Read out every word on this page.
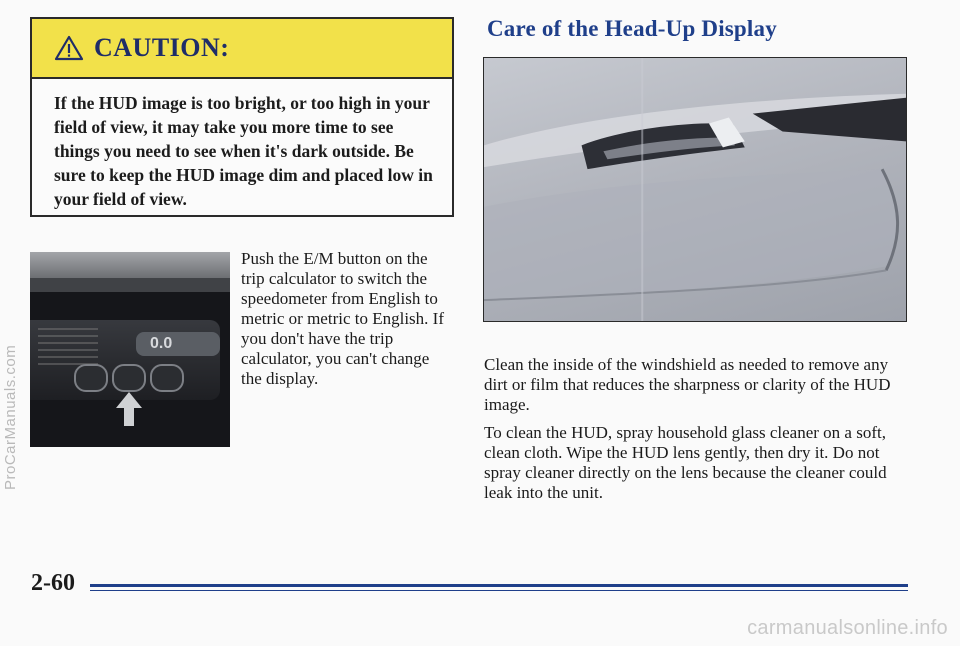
ProCarManuals.com
CAUTION:
If the HUD image is too bright, or too high in your field of view, it may take you more time to see things you need to see when it's dark outside. Be sure to keep the HUD image dim and placed low in your field of view.
0.0
Push the E/M button on the trip calculator to switch the speedometer from English to metric or metric to English. If you don't have the trip calculator, you can't change the display.
Care of the Head-Up Display

Clean the inside of the windshield as needed to remove any dirt or film that reduces the sharpness or clarity of the HUD image.

To clean the HUD, spray household glass cleaner on a soft, clean cloth. Wipe the HUD lens gently, then dry it. Do not spray cleaner directly on the lens because the cleaner could leak into the unit.

2-60
carmanualsonline.info
